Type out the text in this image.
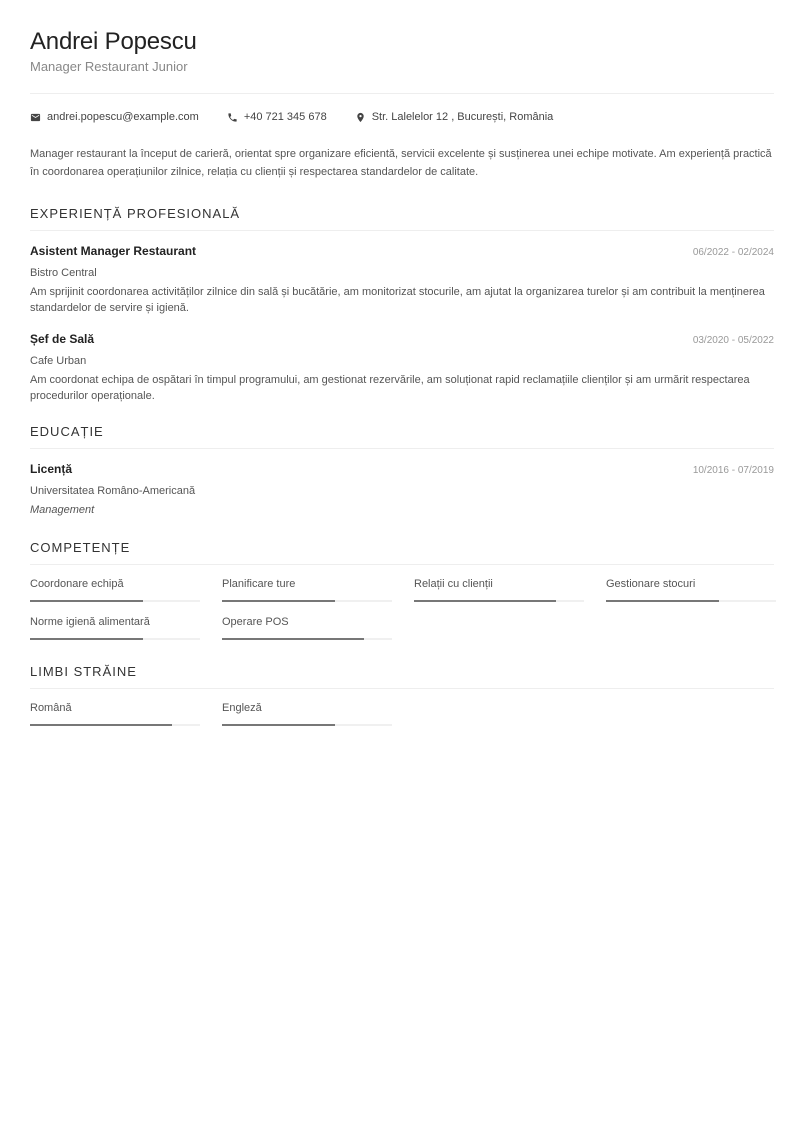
Andrei Popescu
Manager Restaurant Junior
andrei.popescu@example.com	+40 721 345 678	Str. Lalelelor 12 , București, România

Manager restaurant la început de carieră, orientat spre organizare eficientă, servicii excelente și susținerea unei echipe motivate. Am experiență practică în coordonarea operațiunilor zilnice, relația cu clienții și respectarea standardelor de calitate.

EXPERIENȚĂ PROFESIONALĂ
Asistent Manager Restaurant	06/2022 - 02/2024
Bistro Central
Am sprijinit coordonarea activităților zilnice din sală și bucătărie, am monitorizat stocurile, am ajutat la organizarea turelor și am contribuit la menținerea standardelor de servire și igienă.
Șef de Sală	03/2020 - 05/2022
Cafe Urban
Am coordonat echipa de ospătari în timpul programului, am gestionat rezervările, am soluționat rapid reclamațiile clienților și am urmărit respectarea procedurilor operaționale.
EDUCAȚIE
Licență	10/2016 - 07/2019
Universitatea Româno-Americană
Management
COMPETENȚE
Coordonare echipă	Planificare ture	Relații cu clienții	Gestionare stocuri
Norme igienă alimentară	Operare POS
LIMBI STRĂINE
Română	Engleză
